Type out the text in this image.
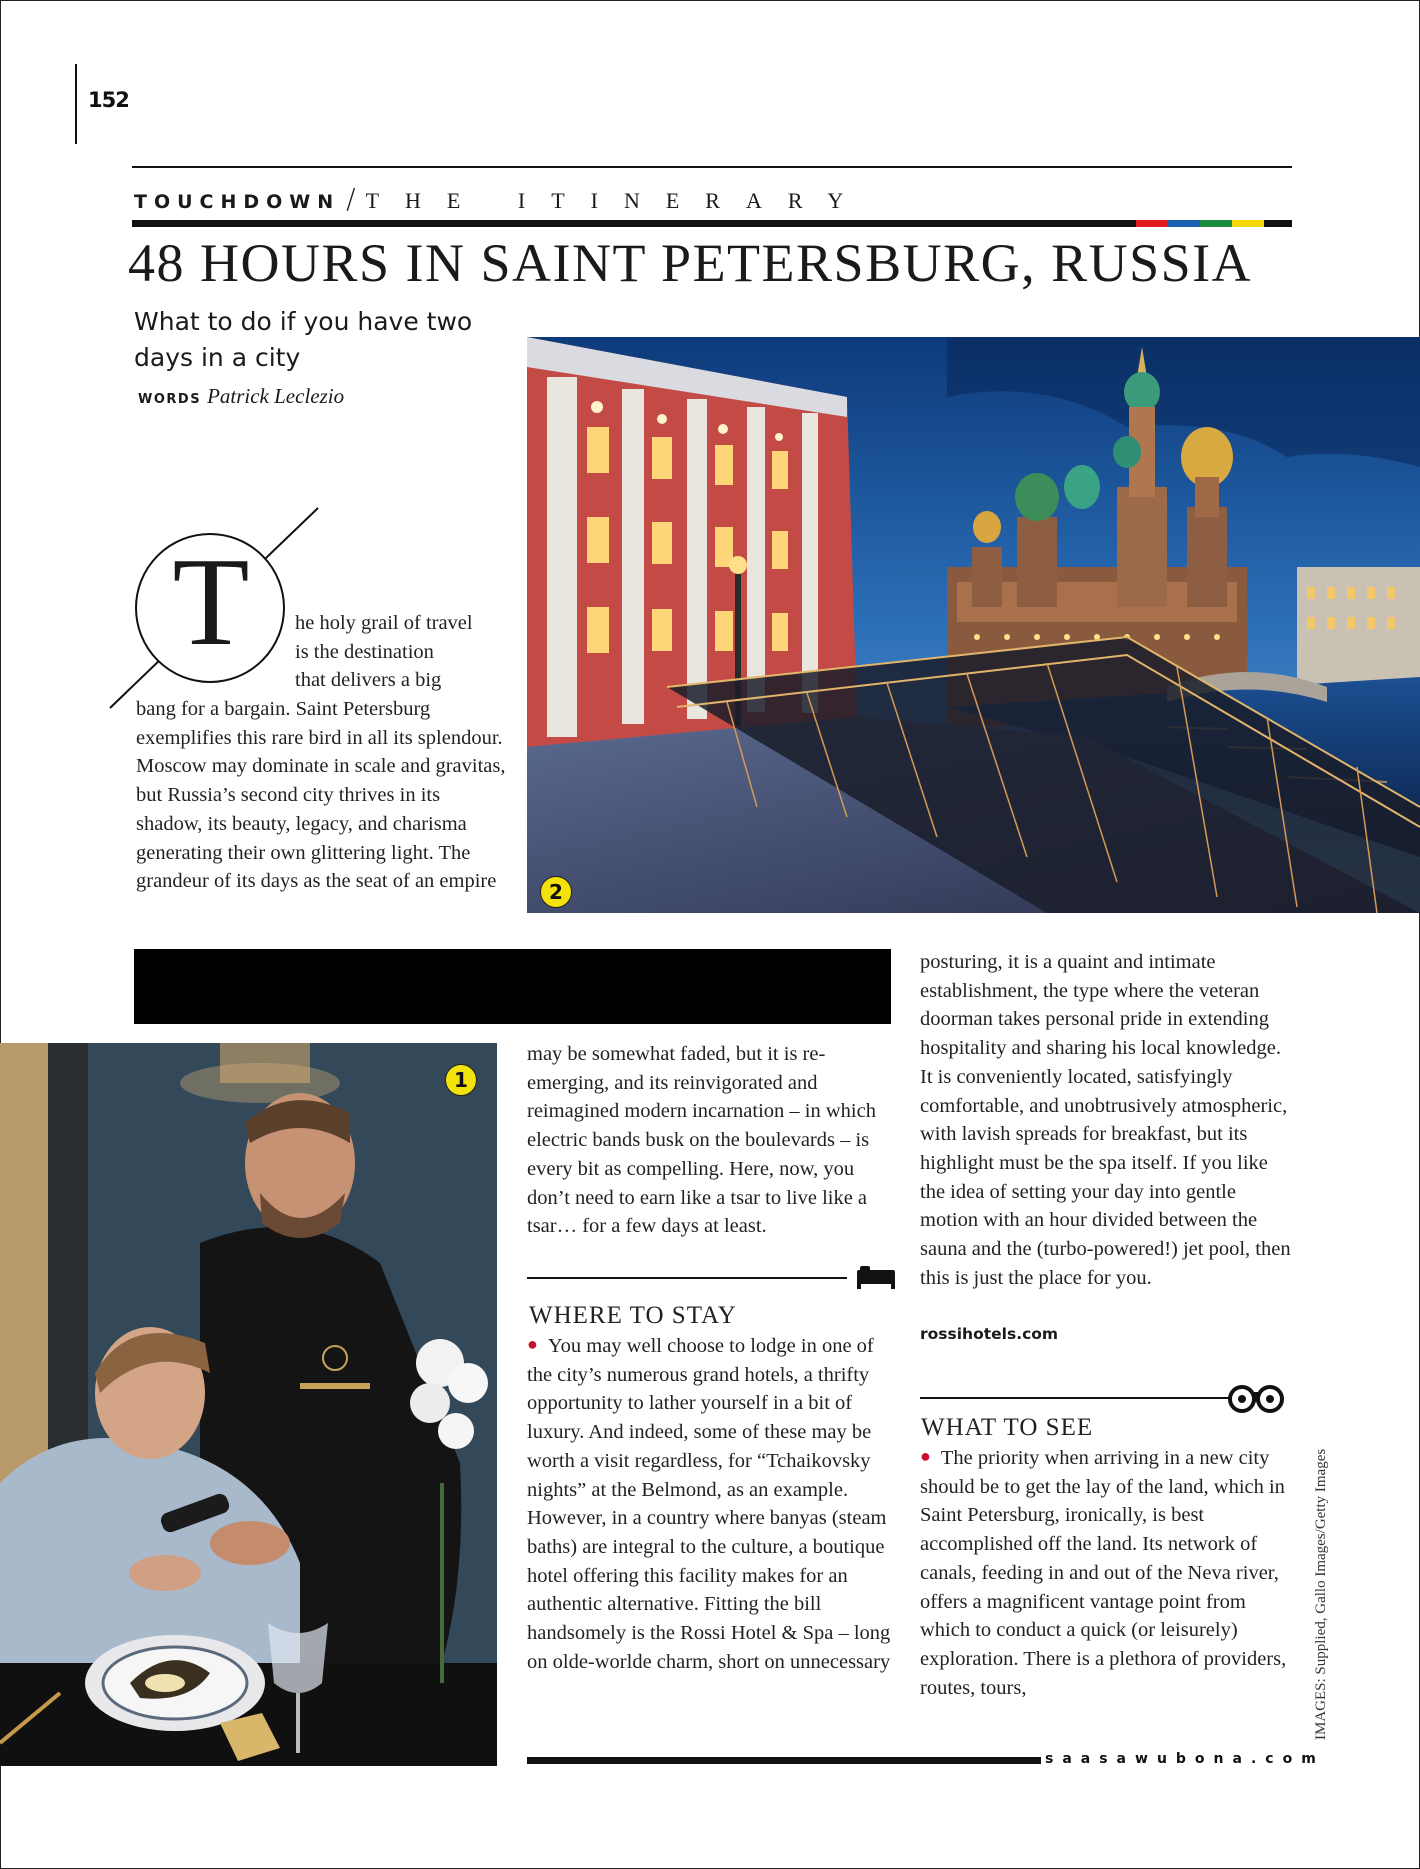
152
TOUCHDOWN / THE ITINERARY
48 HOURS IN SAINT PETERSBURG, RUSSIA
What to do if you have two days in a city
WORDS Patrick Leclezio
2
T	he holy grail of travel

is the destination

that delivers a big

bang for a bargain. Saint Petersburg exemplifies this rare bird in all its splendour. Moscow may dominate in scale and gravitas, but Russia’s second city thrives in its shadow, its beauty, legacy, and charisma generating their own glittering light. The grandeur of its days as the seat of an empire
1
may be somewhat faded, but it is re-emerging, and its reinvigorated and reimagined modern incarnation – in which electric bands busk on the boulevards – is every bit as compelling. Here, now, you don’t need to earn like a tsar to live like a tsar… for a few days at least.
WHERE TO STAY
● You may well choose to lodge in one of the city’s numerous grand hotels, a thrifty opportunity to lather yourself in a bit of luxury. And indeed, some of these may be worth a visit regardless, for “Tchaikovsky nights” at the Belmond, as an example. However, in a country where banyas (steam baths) are integral to the culture, a boutique hotel offering this facility makes for an authentic alternative. Fitting the bill handsomely is the Rossi Hotel & Spa – long on olde-worlde charm, short on unnecessary
posturing, it is a quaint and intimate establishment, the type where the veteran doorman takes personal pride in extending hospitality and sharing his local knowledge. It is conveniently located, satisfyingly comfortable, and unobtrusively atmospheric, with lavish spreads for breakfast, but its highlight must be the spa itself. If you like the idea of setting your day into gentle motion with an hour divided between the sauna and the (turbo-powered!) jet pool, then this is just the place for you.
rossihotels.com
WHAT TO SEE
● The priority when arriving in a new city should be to get the lay of the land, which in Saint Petersburg, ironically, is best accomplished off the land. Its network of canals, feeding in and out of the Neva river, offers a magnificent vantage point from which to conduct a quick (or leisurely) exploration. There is a plethora of providers, routes, tours,	IMAGES: Supplied, Gallo Images/Getty Images
saasawubona.com
